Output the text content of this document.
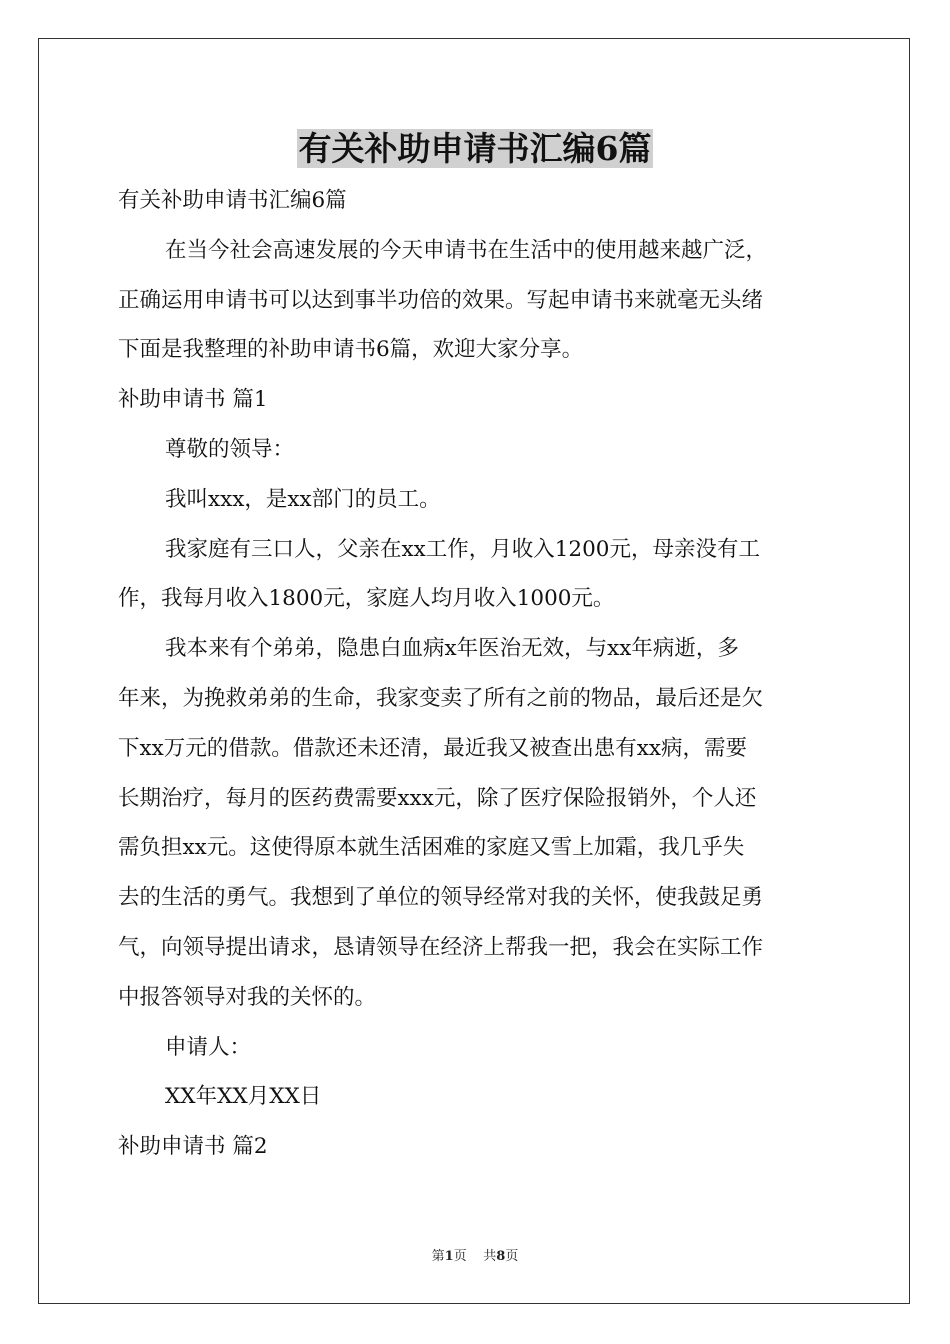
有关补助申请书汇编6篇
有关补助申请书汇编6篇
在当今社会高速发展的今天申请书在生活中的使用越来越广泛，
正确运用申请书可以达到事半功倍的效果。写起申请书来就毫无头绪
下面是我整理的补助申请书6篇，欢迎大家分享。
补助申请书 篇1
尊敬的领导：
我叫xxx，是xx部门的员工。
我家庭有三口人，父亲在xx工作，月收入1200元，母亲没有工
作，我每月收入1800元，家庭人均月收入1000元。
我本来有个弟弟，隐患白血病x年医治无效，与xx年病逝，多
年来，为挽救弟弟的生命，我家变卖了所有之前的物品，最后还是欠
下xx万元的借款。借款还未还清，最近我又被查出患有xx病，需要
长期治疗，每月的医药费需要xxx元，除了医疗保险报销外，个人还
需负担xx元。这使得原本就生活困难的家庭又雪上加霜，我几乎失
去的生活的勇气。我想到了单位的领导经常对我的关怀，使我鼓足勇
气，向领导提出请求，恳请领导在经济上帮我一把，我会在实际工作
中报答领导对我的关怀的。
申请人：
XX年XX月XX日
补助申请书 篇2
第1页 共8页
